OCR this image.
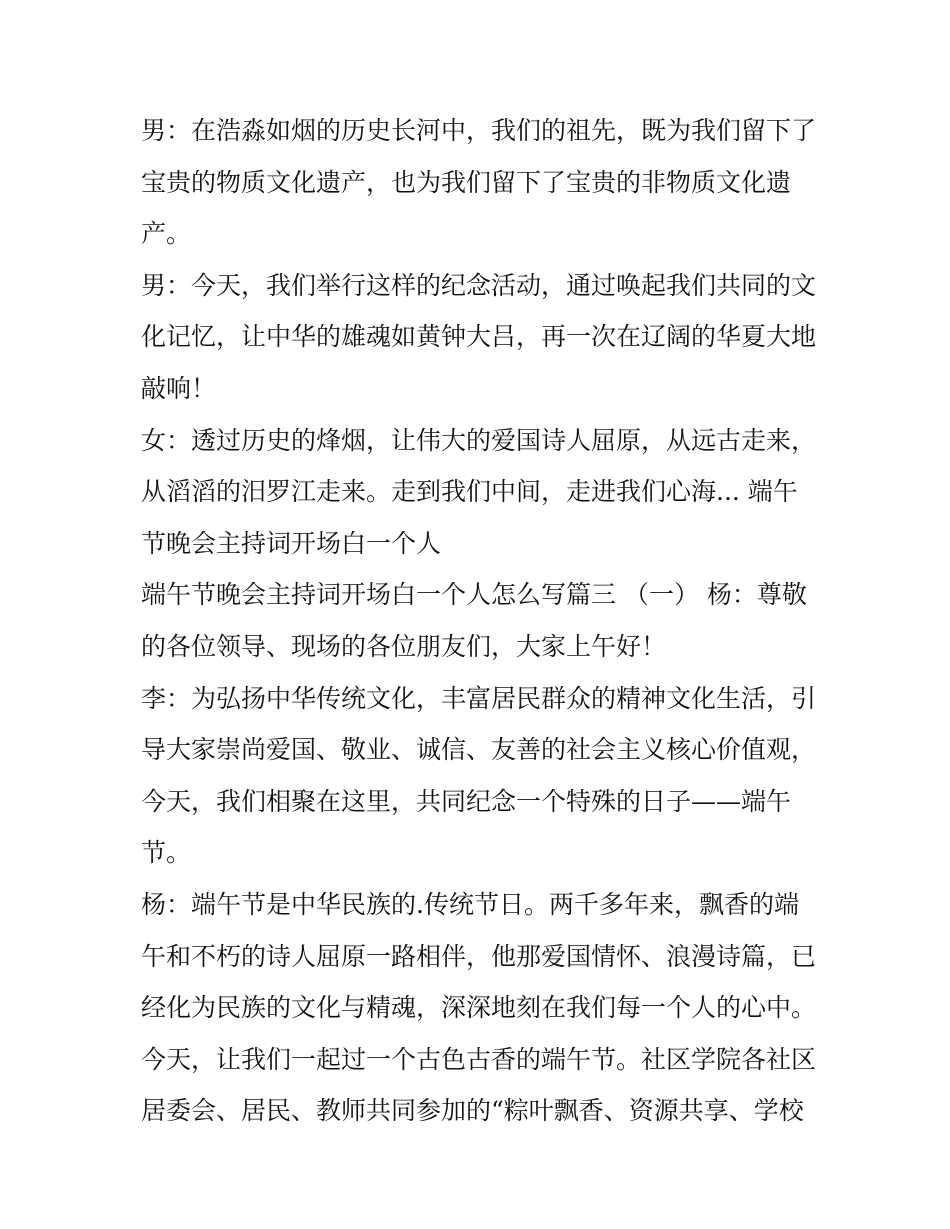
男：在浩淼如烟的历史长河中，我们的祖先，既为我们留下了
宝贵的物质文化遗产，也为我们留下了宝贵的非物质文化遗
产。
男：今天，我们举行这样的纪念活动，通过唤起我们共同的文
化记忆，让中华的雄魂如黄钟大吕，再一次在辽阔的华夏大地
敲响！
女：透过历史的烽烟，让伟大的爱国诗人屈原，从远古走来，
从滔滔的汨罗江走来。走到我们中间，走进我们心海... 端午
节晚会主持词开场白一个人
端午节晚会主持词开场白一个人怎么写篇三 （一） 杨：尊敬
的各位领导、现场的各位朋友们，大家上午好！
李：为弘扬中华传统文化，丰富居民群众的精神文化生活，引
导大家崇尚爱国、敬业、诚信、友善的社会主义核心价值观，
今天，我们相聚在这里，共同纪念一个特殊的日子——端午
节。
杨：端午节是中华民族的.传统节日。两千多年来，飘香的端
午和不朽的诗人屈原一路相伴，他那爱国情怀、浪漫诗篇，已
经化为民族的文化与精魂，深深地刻在我们每一个人的心中。
今天，让我们一起过一个古色古香的端午节。社区学院各社区
居委会、居民、教师共同参加的“粽叶飘香、资源共享、学校
